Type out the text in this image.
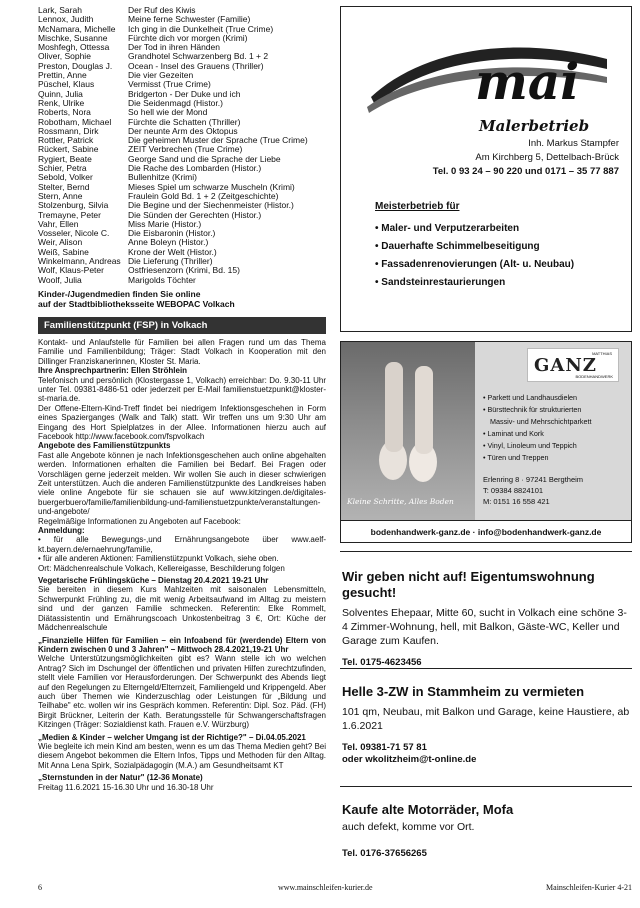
Lark, Sarah	Der Ruf des Kiwis
Lennox, Judith	Meine ferne Schwester (Familie)
McNamara, Michelle	Ich ging in die Dunkelheit (True Crime)
Mischke, Susanne	Fürchte dich vor morgen (Krimi)
Moshfegh, Ottessa	Der Tod in ihren Händen
Oliver, Sophie	Grandhotel Schwarzenberg Bd. 1 + 2
Preston, Douglas J.	Ocean - Insel des Grauens (Thriller)
Prettin, Anne	Die vier Gezeiten
Püschel, Klaus	Vermisst (True Crime)
Quinn, Julia	Bridgerton - Der Duke und ich
Renk, Ulrike	Die Seidenmagd (Histor.)
Roberts, Nora	So hell wie der Mond
Robotham, Michael	Fürchte die Schatten (Thriller)
Rossmann, Dirk	Der neunte Arm des Oktopus
Rottler, Patrick	Die geheimen Muster der Sprache (True Crime)
Rückert, Sabine	ZEIT Verbrechen (True Crime)
Rygiert, Beate	George Sand und die Sprache der Liebe
Schier, Petra	Die Rache des Lombarden (Histor.)
Sebold, Volker	Bullenhitze (Krimi)
Stelter, Bernd	Mieses Spiel um schwarze Muscheln (Krimi)
Stern, Anne	Fraulein Gold Bd. 1 + 2 (Zeitgeschichte)
Stolzenburg, Silvia	Die Begine und der Siechenmeister (Histor.)
Tremayne, Peter	Die Sünden der Gerechten (Histor.)
Vahr, Ellen	Miss Marie (Histor.)
Vosseler, Nicole C.	Die Eisbaronin (Histor.)
Weir, Alison	Anne Boleyn (Histor.)
Weiß, Sabine	Krone der Welt (Histor.)
Winkelmann, Andreas Die Lieferung (Thriller)
Wolf, Klaus-Peter	Ostfriesenzorn (Krimi, Bd. 15)
Woolf, Julia	Marigolds Töchter
Kinder-/Jugendmedien finden Sie online
auf der Stadtbibliotheksseite WEBOPAC Volkach
Familienstützpunkt (FSP) in Volkach

Kontakt- und Anlaufstelle für Familien bei allen Fragen rund um das Thema Familie und Familienbildung; Träger: Stadt Volkach in Kooperation mit den Dillinger Franziskanerinnen, Kloster St. Maria.

Ihre Ansprechpartnerin: Ellen Ströhlein

Telefonisch und persönlich (Klostergasse 1, Volkach) erreichbar: Do. 9.30-11 Uhr unter Tel. 09381-8486-51 oder jederzeit per E-Mail familienstuetzpunkt@kloster-st-maria.de.

Der Offene-Eltern-Kind-Treff findet bei niedrigem Infektionsgeschehen in Form eines Spazierganges (Walk and Talk) statt. Wir treffen uns um 9:30 Uhr am Eingang des Hort Spielplatzes in der Allee. Informationen hierzu auch auf Facebook http://www.facebook.com/fspvolkach

Angebote des Familienstützpunkts

Fast alle Angebote können je nach Infektionsgeschehen auch online abgehalten werden. Informationen erhalten die Familien bei Bedarf. Bei Fragen oder Vorschlägen gerne jederzeit melden. Wir wollen Sie auch in dieser schwierigen Zeit unterstützen. Auch die anderen Familienstützpunkte des Landkreises haben viele online Angebote für sie schauen sie auf www.kitzingen.de/digitales-buergerbuero/familie/familienbildung-und-familienstuetzpunkte/veranstaltungen-und-angebote/

Regelmäßige Informationen zu Angeboten auf Facebook:

Anmeldung:

• für alle Bewegungs-,und Ernährungsangebote über www.aelf-kt.bayern.de/ernaehrung/familie,

• für alle anderen Aktionen: Familienstützpunkt Volkach, siehe oben.

Ort: Mädchenrealschule Volkach, Kellereigasse, Beschilderung folgen

Vegetarische Frühlingsküche – Dienstag 20.4.2021 19-21 Uhr

Sie bereiten in diesem Kurs Mahlzeiten mit saisonalen Lebensmitteln, Schwerpunkt Frühling zu, die mit wenig Arbeitsaufwand im Alltag zu meistern sind und der ganzen Familie schmecken. Referentin: Elke Rommelt, Diätassistentin und Ernährungscoach Unkostenbeitrag 3 €, Ort: Küche der Mädchenrealschule

„Finanzielle Hilfen für Familien – ein Infoabend für (werdende) Eltern von Kindern zwischen 0 und 3 Jahren" – Mittwoch 28.4.2021,19-21 Uhr

Welche Unterstützungsmöglichkeiten gibt es? Wann stelle ich wo welchen Antrag? Sich im Dschungel der öffentlichen und privaten Hilfen zurechtzufinden, stellt viele Familien vor Herausforderungen. Der Schwerpunkt des Abends liegt auf den Regelungen zu Elterngeld/Elternzeit, Familiengeld und Krippengeld. Aber auch über Themen wie Kinderzuschlag oder Leistungen für „Bildung und Teilhabe" etc. wollen wir ins Gespräch kommen. Referentin: Dipl. Soz. Päd. (FH) Birgit Brückner, Leiterin der Kath. Beratungsstelle für Schwangerschaftsfragen Kitzingen (Träger: Sozialdienst kath. Frauen e.V. Würzburg)

„Medien & Kinder – welcher Umgang ist der Richtige?" – Di.04.05.2021

Wie begleite ich mein Kind am besten, wenn es um das Thema Medien geht? Bei diesem Angebot bekommen die Eltern Infos, Tipps und Methoden für den Alltag. Mit Anna Lena Spirk, Sozialpädagogin (M.A.) am Gesundheitsamt KT

„Sternstunden in der Natur" (12-36 Monate)

Freitag 11.6.2021 15-16.30 Uhr und 16.30-18 Uhr

mai
Malerbetrieb
Inh. Markus Stampfer
Am Kirchberg 5, Dettelbach-Brück
Tel. 0 93 24 – 90 220 und 0171 – 35 77 887
Meisterbetrieb für
• Maler- und Verputzerarbeiten
• Dauerhafte Schimmelbeseitigung
• Fassadenrenovierungen (Alt- u. Neubau)
• Sandsteinrestaurierungen
Kleine Schritte, Alles Boden
MATTHIAS
GANZ
BODENHANDWERK
• Parkett und Landhausdielen
• Bürsttechnik für strukturierten
Massiv- und Mehrschichtparkett
• Laminat und Kork
• Vinyl, Linoleum und Teppich
• Türen und Treppen
Erlenring 8 · 97241 Bergtheim
T: 09384 8824101
M: 0151 16 558 421
bodenhandwerk-ganz.de · info@bodenhandwerk-ganz.de
Wir geben nicht auf! Eigentumswohnung gesucht!
Solventes Ehepaar, Mitte 60, sucht in Volkach eine schöne 3-4 Zimmer-Wohnung, hell, mit Balkon, Gäste-WC, Keller und Garage zum Kaufen.
Tel. 0175-4623456
Helle 3-ZW in Stammheim zu vermieten
101 qm, Neubau, mit Balkon und Garage, keine Haustiere, ab 1.6.2021
Tel. 09381-71 57 81
oder wkolitzheim@t-online.de
Kaufe alte Motorräder, Mofa
auch defekt, komme vor Ort.
Tel. 0176-37656265
6	www.mainschleifen-kurier.de	Mainschleifen-Kurier 4-21
